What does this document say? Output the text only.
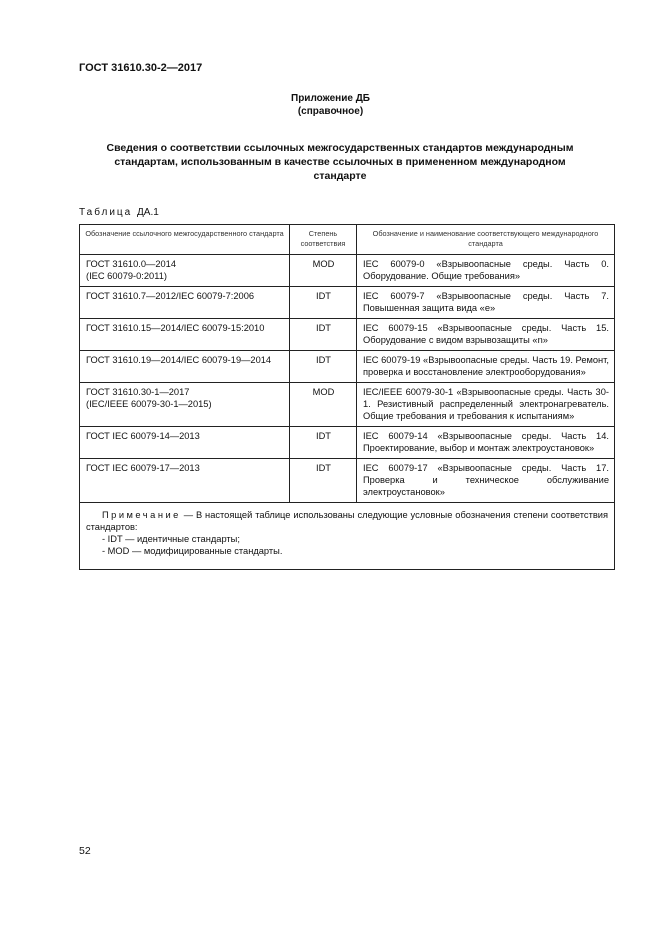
ГОСТ 31610.30-2—2017
Приложение ДБ
(справочное)
Сведения о соответствии ссылочных межгосударственных стандартов международным стандартам, использованным в качестве ссылочных в примененном международном стандарте
Таблица ДА.1
Обозначение ссылочного межгосударственного стандарта	Степень соответствия	Обозначение и наименование соответствующего международного стандарта
ГОСТ 31610.0—2014
(IEC 60079-0:2011)	MOD	IEC 60079-0 «Взрывоопасные среды. Часть 0. Оборудование. Общие требования»
ГОСТ 31610.7—2012/IEC 60079-7:2006	IDT	IEC 60079-7 «Взрывоопасные среды. Часть 7. Повышенная защита вида «е»
ГОСТ 31610.15—2014/IEC 60079-15:2010	IDT	IEC 60079-15 «Взрывоопасные среды. Часть 15. Оборудование с видом взрывозащиты «n»
ГОСТ 31610.19—2014/IEC 60079-19—2014	IDT	IEC 60079-19 «Взрывоопасные среды. Часть 19. Ремонт, проверка и восстановление электрооборудования»
ГОСТ 31610.30-1—2017
(IEC/IEEE 60079-30-1—2015)	MOD	IEC/IEEE 60079-30-1 «Взрывоопасные среды. Часть 30-1. Резистивный распределенный электронагреватель. Общие требования и требования к испытаниям»
ГОСТ IEC 60079-14—2013	IDT	IEC 60079-14 «Взрывоопасные среды. Часть 14. Проектирование, выбор и монтаж электроустановок»
ГОСТ IEC 60079-17—2013	IDT	IEC 60079-17 «Взрывоопасные среды. Часть 17. Проверка и техническое обслуживание электроустановок»

Примечание — В настоящей таблице использованы следующие условные обозначения степени соответствия стандартов:
- IDT — идентичные стандарты;
- MOD — модифицированные стандарты.		
52
